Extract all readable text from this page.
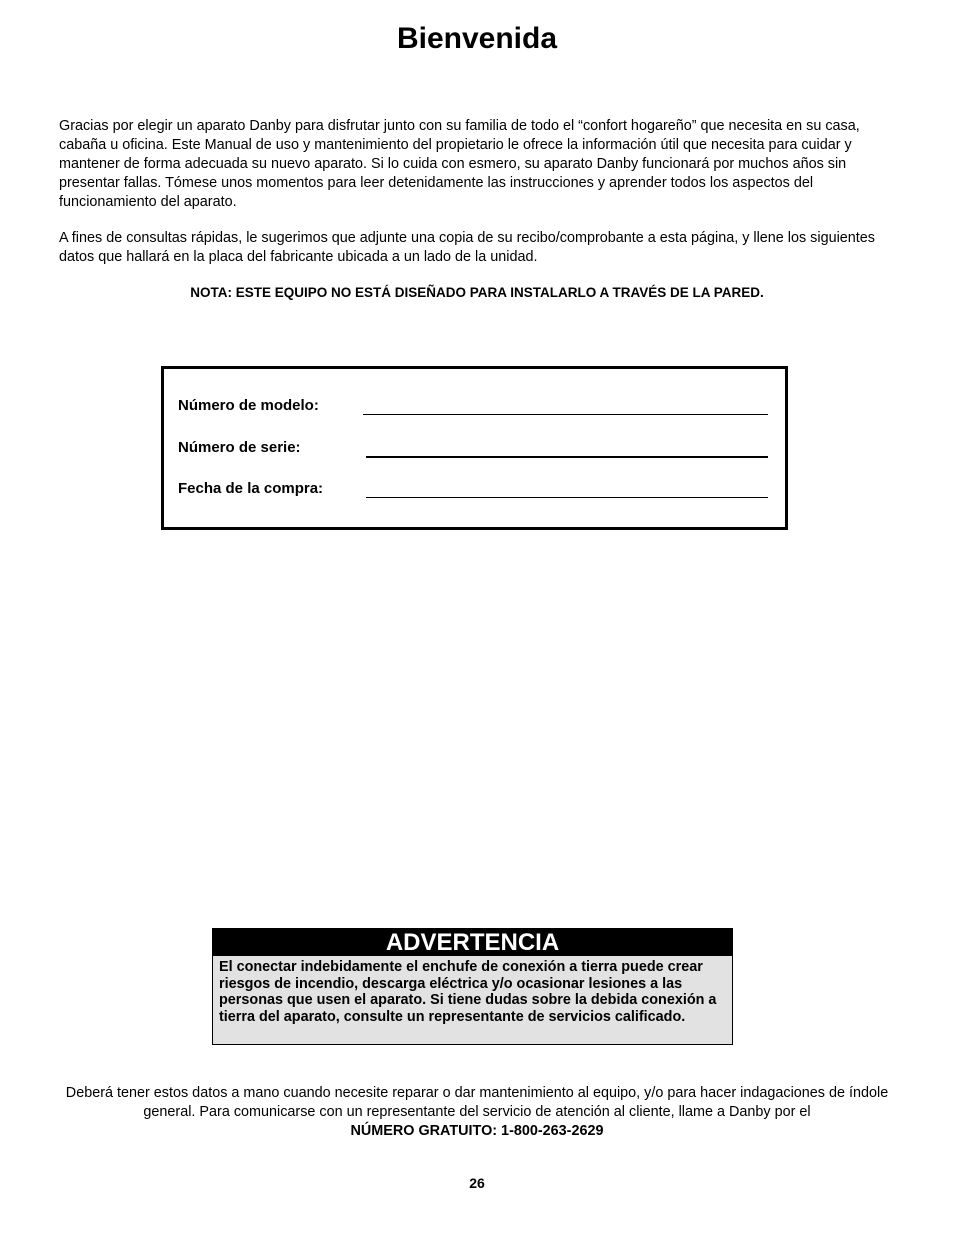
Bienvenida

Gracias por elegir un aparato Danby para disfrutar junto con su familia de todo el “confort hogareño” que necesita en su casa, cabaña u oficina. Este Manual de uso y mantenimiento del propietario le ofrece la información útil que necesita para cuidar y mantener de forma adecuada su nuevo aparato. Si lo cuida con esmero, su aparato Danby funcionará por muchos años sin presentar fallas. Tómese unos momentos para leer detenidamente las instrucciones y aprender todos los aspectos del funcionamiento del aparato.

A fines de consultas rápidas, le sugerimos que adjunte una copia de su recibo/comprobante a esta página, y llene los siguientes datos que hallará en la placa del fabricante ubicada a un lado de la unidad.

NOTA: ESTE EQUIPO NO ESTÁ DISEÑADO PARA INSTALARLO A TRAVÉS DE LA PARED.

Número de modelo:
Número de serie:
Fecha de la compra:
ADVERTENCIA

El conectar indebidamente el enchufe de conexión a tierra puede crear riesgos de incendio, descarga eléctrica y/o ocasionar lesiones a las personas que usen el aparato. Si tiene dudas sobre la debida conexión a tierra del aparato, consulte un representante de servicios calificado.

Deberá tener estos datos a mano cuando necesite reparar o dar mantenimiento al equipo, y/o para hacer indagaciones de índole general. Para comunicarse con un representante del servicio de atención al cliente, llame a Danby por el
NÚMERO GRATUITO: 1-800-263-2629

26
